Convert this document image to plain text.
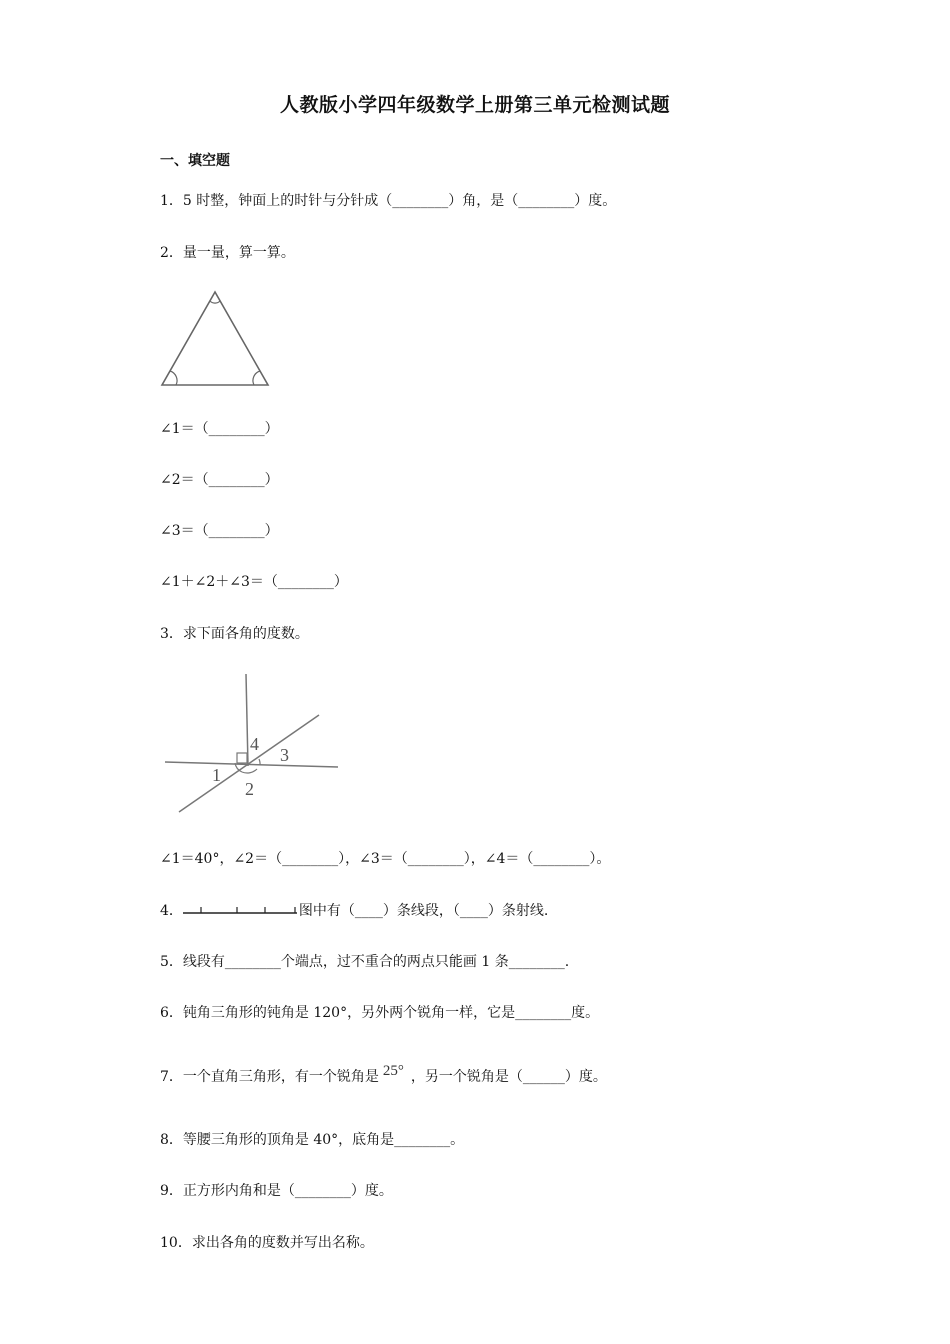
人教版小学四年级数学上册第三单元检测试题
一、填空题
1．5 时整，钟面上的时针与分针成（________）角，是（________）度。
2．量一量，算一算。
∠1＝（________）
∠2＝（________）
∠3＝（________）
∠1＋∠2＋∠3＝（________）
3．求下面各角的度数。
4
3
1
2
∠1＝40°，∠2＝（________），∠3＝（________），∠4＝（________）。
4．	图中有（____）条线段，（____）条射线.
5．线段有________个端点，过不重合的两点只能画 1 条________.
6．钝角三角形的钝角是 120°，另外两个锐角一样，它是________度。
7．一个直角三角形，有一个锐角是 25° ，另一个锐角是（______）度。
8．等腰三角形的顶角是 40°，底角是________。
9．正方形内角和是（________）度。
10．求出各角的度数并写出名称。
